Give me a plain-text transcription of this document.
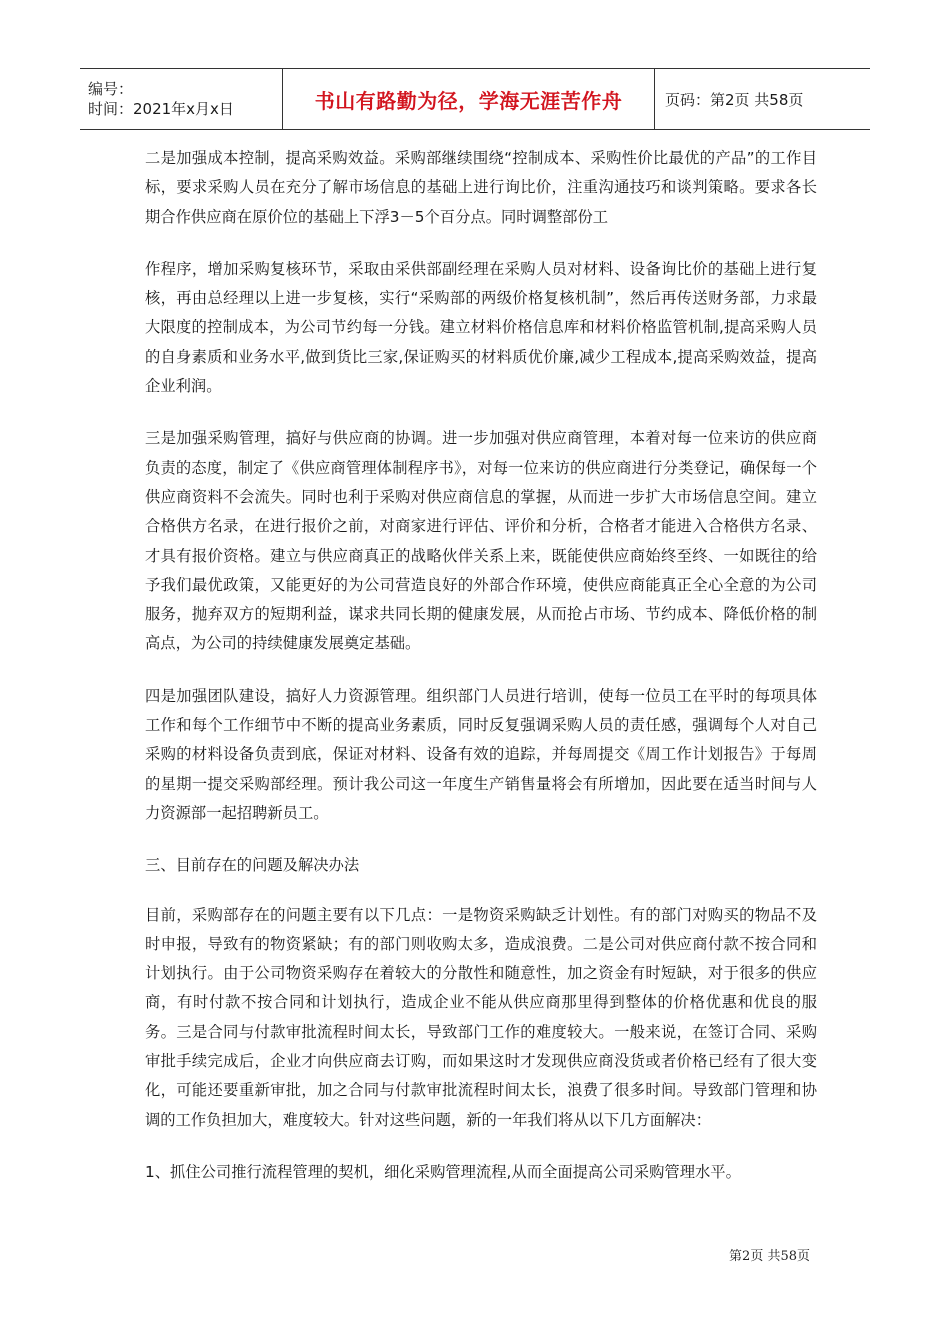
编号：
时间：2021年x月x日	书山有路勤为径，学海无涯苦作舟	页码：第2页 共58页

二是加强成本控制，提高采购效益。采购部继续围绕“控制成本、采购性价比最优的产品”的工作目标，要求采购人员在充分了解市场信息的基础上进行询比价，注重沟通技巧和谈判策略。要求各长期合作供应商在原价位的基础上下浮3－5个百分点。同时调整部份工

作程序，增加采购复核环节，采取由采供部副经理在采购人员对材料、设备询比价的基础上进行复核，再由总经理以上进一步复核，实行“采购部的两级价格复核机制”，然后再传送财务部，力求最大限度的控制成本，为公司节约每一分钱。建立材料价格信息库和材料价格监管机制,提高采购人员的自身素质和业务水平,做到货比三家,保证购买的材料质优价廉,减少工程成本,提高采购效益，提高企业利润。

三是加强采购管理，搞好与供应商的协调。进一步加强对供应商管理，本着对每一位来访的供应商负责的态度，制定了《供应商管理体制程序书》，对每一位来访的供应商进行分类登记，确保每一个供应商资料不会流失。同时也利于采购对供应商信息的掌握，从而进一步扩大市场信息空间。建立合格供方名录，在进行报价之前，对商家进行评估、评价和分析，合格者才能进入合格供方名录、才具有报价资格。建立与供应商真正的战略伙伴关系上来，既能使供应商始终至终、一如既往的给予我们最优政策，又能更好的为公司营造良好的外部合作环境，使供应商能真正全心全意的为公司服务，抛弃双方的短期利益，谋求共同长期的健康发展，从而抢占市场、节约成本、降低价格的制高点，为公司的持续健康发展奠定基础。

四是加强团队建设，搞好人力资源管理。组织部门人员进行培训，使每一位员工在平时的每项具体工作和每个工作细节中不断的提高业务素质，同时反复强调采购人员的责任感，强调每个人对自己采购的材料设备负责到底，保证对材料、设备有效的追踪，并每周提交《周工作计划报告》于每周的星期一提交采购部经理。预计我公司这一年度生产销售量将会有所增加，因此要在适当时间与人力资源部一起招聘新员工。

三、目前存在的问题及解决办法

目前，采购部存在的问题主要有以下几点：一是物资采购缺乏计划性。有的部门对购买的物品不及时申报，导致有的物资紧缺；有的部门则收购太多，造成浪费。二是公司对供应商付款不按合同和计划执行。由于公司物资采购存在着较大的分散性和随意性，加之资金有时短缺，对于很多的供应商，有时付款不按合同和计划执行，造成企业不能从供应商那里得到整体的价格优惠和优良的服务。三是合同与付款审批流程时间太长，导致部门工作的难度较大。一般来说，在签订合同、采购审批手续完成后，企业才向供应商去订购，而如果这时才发现供应商没货或者价格已经有了很大变化，可能还要重新审批，加之合同与付款审批流程时间太长，浪费了很多时间。导致部门管理和协调的工作负担加大，难度较大。针对这些问题，新的一年我们将从以下几方面解决：

1、抓住公司推行流程管理的契机，细化采购管理流程,从而全面提高公司采购管理水平。

第2页 共58页
